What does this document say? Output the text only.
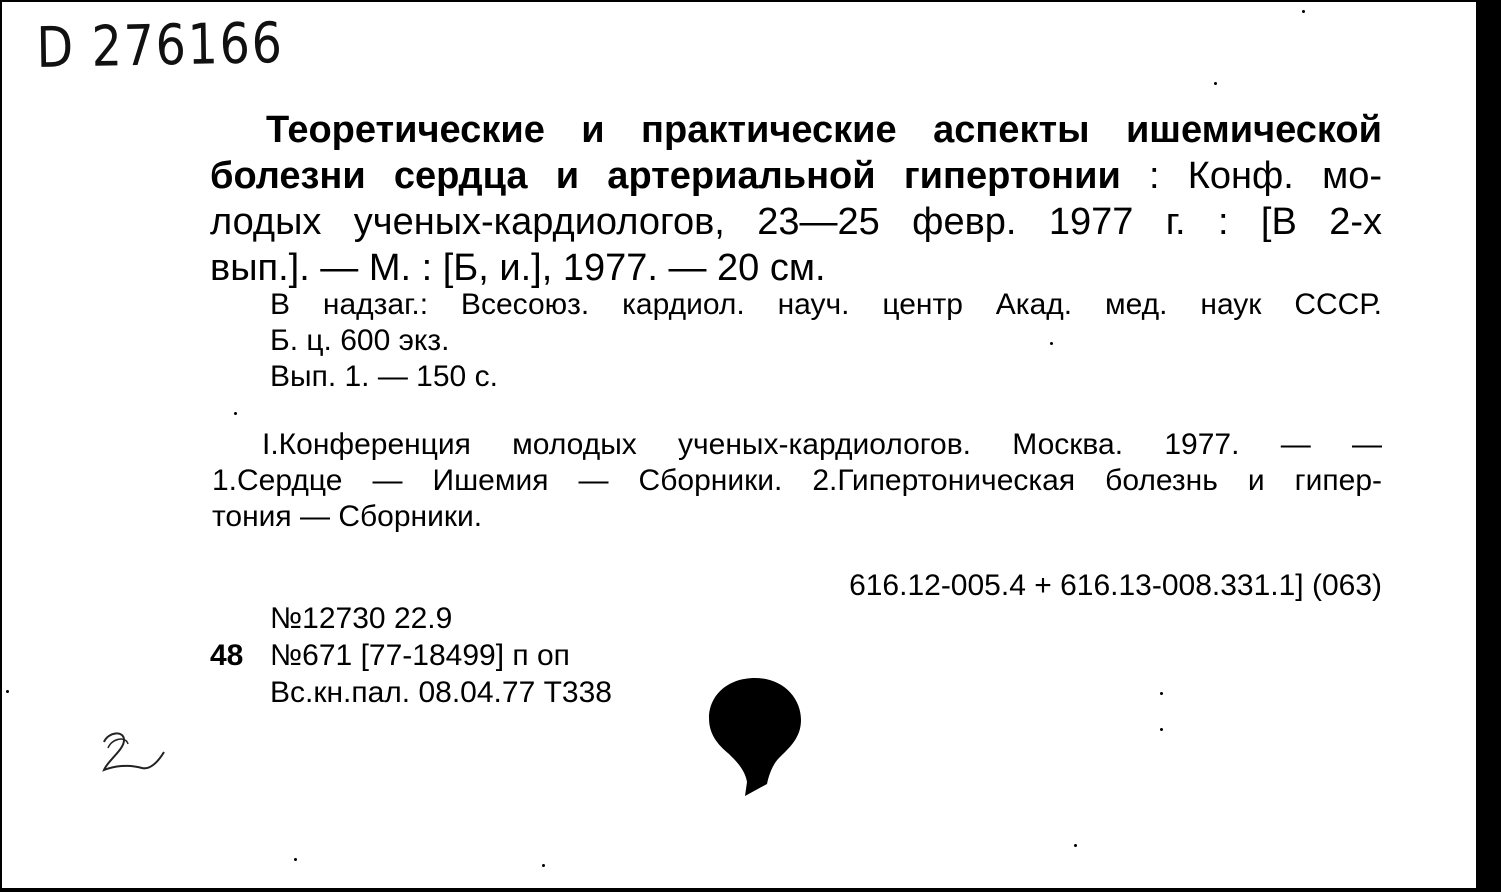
D 276166
Теоретические и практические аспекты ишемической
болезни сердца и артериальной гипертонии : Конф. мо-
лодых ученых-кардиологов, 23—25 февр. 1977 г. : [В 2-х
вып.]. — М. : [Б, и.], 1977. — 20 см.
В надзаг.: Всесоюз. кардиол. науч. центр Акад. мед. наук СССР.
Б. ц. 600 экз.
Вып. 1. — 150 с.
I.Конференция молодых ученых-кардиологов. Москва. 1977. — —
1.Сердце — Ишемия — Сборники. 2.Гипертоническая болезнь и гипер-
тония — Сборники.
616.12-005.4 + 616.13-008.331.1] (063)
№12730 22.9
48 №671 [77-18499] п оп
Вс.кн.пал. 08.04.77 Т338
